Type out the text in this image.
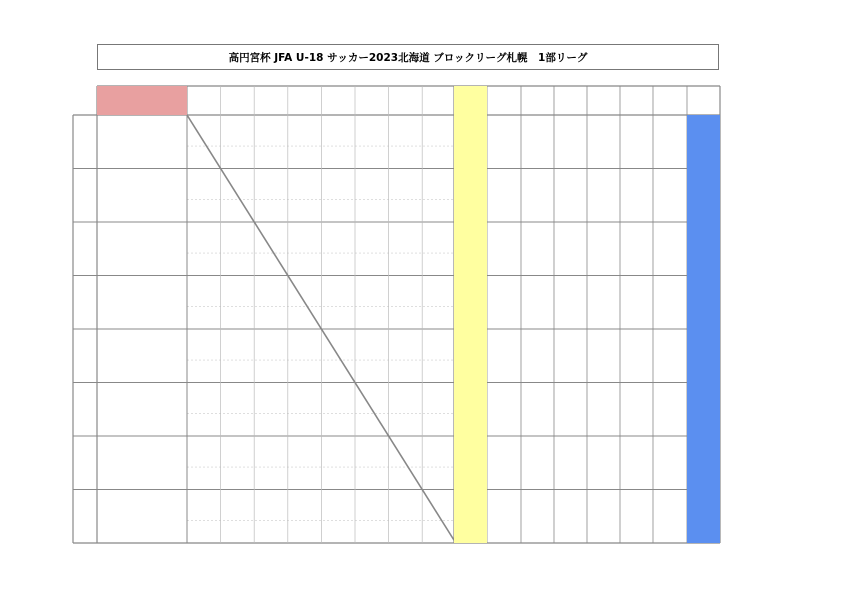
高円宮杯 JFA U-18 サッカー2023北海道 ブロックリーグ札幌　1部リーグ
